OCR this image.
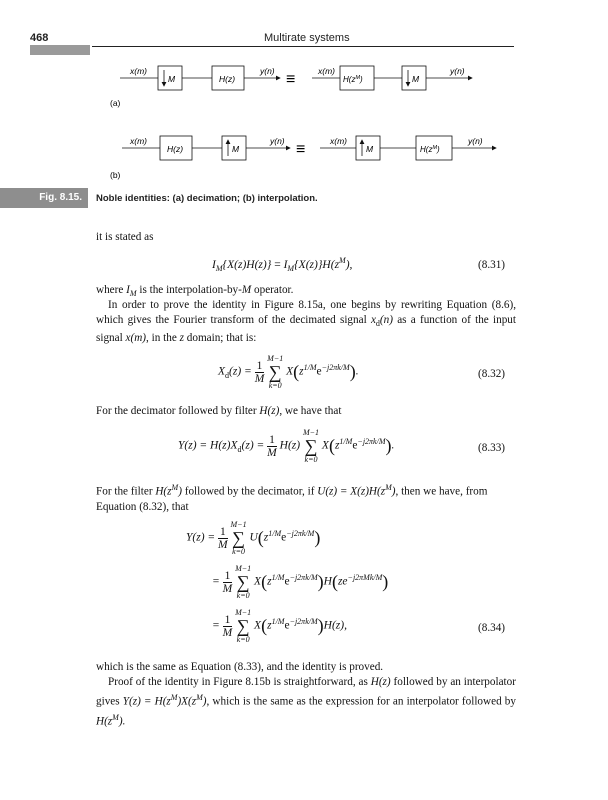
468	Multirate systems
x(m)
M	H(z)
y(n) ≡	x(m)
$H(z^M)$	M
y(n)
(a)
x(m)
H(z)	M
y(n) ≡	x(m)
M	$H(z^M)$
y(n)
(b)
Fig. 8.15.	Noble identities: (a) decimation; (b) interpolation.
it is stated as
$I_M\{X(z)H(z)\} = I_M\{X(z)\}H(z^M)$,	(8.31)
where $I_M$ is the interpolation-by-M operator.
In order to prove the identity in Figure 8.15a, one begins by rewriting Equation (8.6), which gives the Fourier transform of the decimated signal $x_d(n)$ as a function of the input signal x(m), in the z domain; that is:
$X_d(z) = \frac{1}{M}$

M−1
∑
k=0
$X(z^{1/M}e^{-j2\pi k/M})$.	(8.32)
For the decimator followed by filter H(z), we have that
$Y(z) = H(z)X_d(z) = \frac{1}{M} H(z)$
M−1
∑
k=0
$X(z^{1/M}e^{-j2\pi k/M})$.	(8.33)
For the filter $H(z^M)$ followed by the decimator, if $U(z) = X(z)H(z^M)$, then we have, from Equation (8.32), that
$Y(z) = \frac{1}{M}$

M−1
∑
k=0
$U(z^{1/M}e^{-j2\pi k/M})$
= $\frac{1}{M}$

M−1
∑
k=0
$X(z^{1/M}e^{-j2\pi k/M})H(ze^{-j2\pi Mk/M})$
= $\frac{1}{M}$

M−1
∑
k=0
$X(z^{1/M}e^{-j2\pi k/M})H(z)$,	(8.34)
which is the same as Equation (8.33), and the identity is proved.
Proof of the identity in Figure 8.15b is straightforward, as H(z) followed by an interpolator gives $Y(z) = H(z^M)X(z^M)$, which is the same as the expression for an interpolator followed by $H(z^M)$.
